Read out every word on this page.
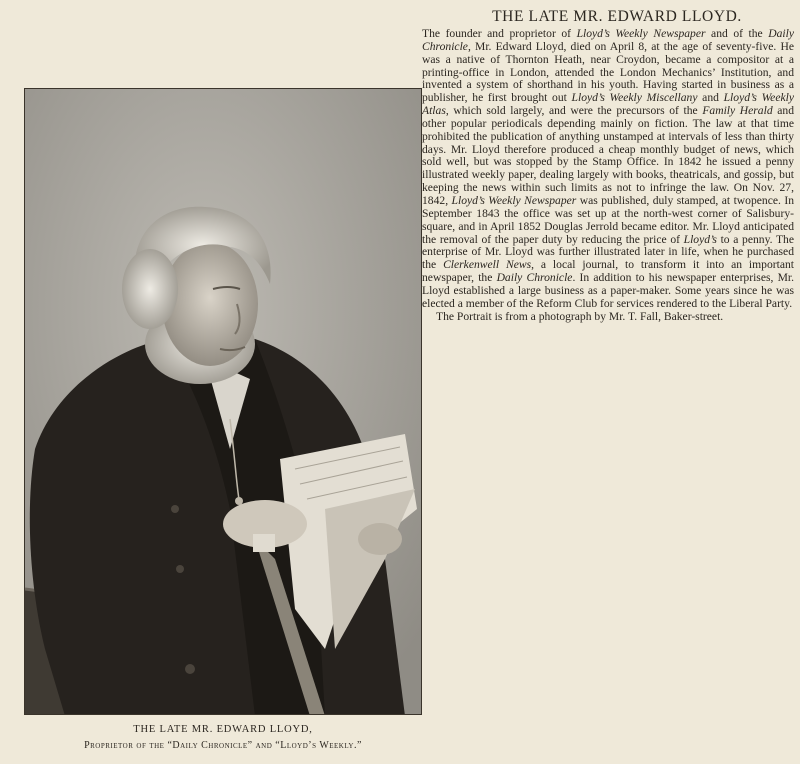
THE LATE MR. EDWARD LLOYD.

The founder and proprietor of Lloyd’s Weekly Newspaper and of the Daily Chronicle, Mr. Edward Lloyd, died on April 8, at the age of seventy-five. He was a native of Thornton Heath, near Croydon, became a compositor at a printing-office in London, attended the London Mechanics’ Institution, and invented a system of shorthand in his youth. Having started in business as a publisher, he first brought out Lloyd’s Weekly Miscellany and Lloyd’s Weekly Atlas, which sold largely, and were the precursors of the Family Herald and other popular periodicals depending mainly on fiction. The law at that time prohibited the publication of anything unstamped at intervals of less than thirty days. Mr. Lloyd therefore produced a cheap monthly budget of news, which sold well, but was stopped by the Stamp Office. In 1842 he issued a penny illustrated weekly paper, dealing largely with books, theatricals, and gossip, but keeping the news within such limits as not to infringe the law. On Nov. 27, 1842, Lloyd’s Weekly Newspaper was published, duly stamped, at twopence. In September 1843 the office was set up at the north-west corner of Salisbury-square, and in April 1852 Douglas Jerrold became editor. Mr. Lloyd anticipated the removal of the paper duty by reducing the price of Lloyd’s to a penny. The enterprise of Mr. Lloyd was further illustrated later in life, when he purchased the Clerkenwell News, a local journal, to transform it into an important newspaper, the Daily Chronicle. In addition to his newspaper enterprises, Mr. Lloyd established a large business as a paper-maker. Some years since he was elected a member of the Reform Club for services rendered to the Liberal Party.

The Portrait is from a photograph by Mr. T. Fall, Baker-street.

THE LATE MR. EDWARD LLOYD,
Proprietor of the “Daily Chronicle” and “Lloyd’s Weekly.”
